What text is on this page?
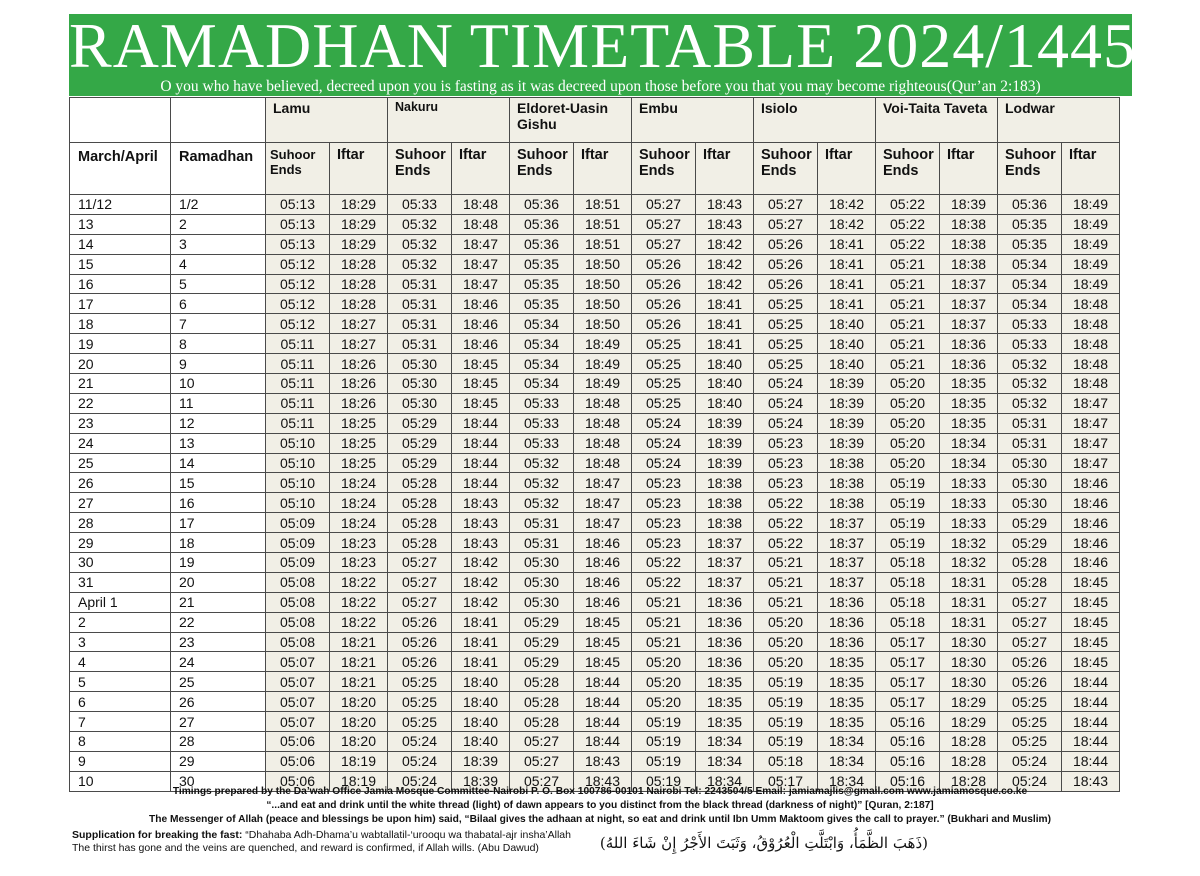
RAMADHAN TIMETABLE 2024/1445
O you who have believed, decreed upon you is fasting as it was decreed upon those before you that you may become righteous(Qur’an 2:183)
		Lamu		Nakuru		Eldoret-Uasin Gishu		Embu		Isiolo		Voi-Taita Taveta		Lodwar	
March/April	Ramadhan	Suhoor Ends	Iftar	Suhoor Ends	Iftar	Suhoor Ends	Iftar	Suhoor Ends	Iftar	Suhoor Ends	Iftar	Suhoor Ends	Iftar	Suhoor Ends	Iftar
11/12	1/2	05:13	18:29	05:33	18:48	05:36	18:51	05:27	18:43	05:27	18:42	05:22	18:39	05:36	18:49
13	2	05:13	18:29	05:32	18:48	05:36	18:51	05:27	18:43	05:27	18:42	05:22	18:38	05:35	18:49
14	3	05:13	18:29	05:32	18:47	05:36	18:51	05:27	18:42	05:26	18:41	05:22	18:38	05:35	18:49
15	4	05:12	18:28	05:32	18:47	05:35	18:50	05:26	18:42	05:26	18:41	05:21	18:38	05:34	18:49
16	5	05:12	18:28	05:31	18:47	05:35	18:50	05:26	18:42	05:26	18:41	05:21	18:37	05:34	18:49
17	6	05:12	18:28	05:31	18:46	05:35	18:50	05:26	18:41	05:25	18:41	05:21	18:37	05:34	18:48
18	7	05:12	18:27	05:31	18:46	05:34	18:50	05:26	18:41	05:25	18:40	05:21	18:37	05:33	18:48
19	8	05:11	18:27	05:31	18:46	05:34	18:49	05:25	18:41	05:25	18:40	05:21	18:36	05:33	18:48
20	9	05:11	18:26	05:30	18:45	05:34	18:49	05:25	18:40	05:25	18:40	05:21	18:36	05:32	18:48
21	10	05:11	18:26	05:30	18:45	05:34	18:49	05:25	18:40	05:24	18:39	05:20	18:35	05:32	18:48
22	11	05:11	18:26	05:30	18:45	05:33	18:48	05:25	18:40	05:24	18:39	05:20	18:35	05:32	18:47
23	12	05:11	18:25	05:29	18:44	05:33	18:48	05:24	18:39	05:24	18:39	05:20	18:35	05:31	18:47
24	13	05:10	18:25	05:29	18:44	05:33	18:48	05:24	18:39	05:23	18:39	05:20	18:34	05:31	18:47
25	14	05:10	18:25	05:29	18:44	05:32	18:48	05:24	18:39	05:23	18:38	05:20	18:34	05:30	18:47
26	15	05:10	18:24	05:28	18:44	05:32	18:47	05:23	18:38	05:23	18:38	05:19	18:33	05:30	18:46
27	16	05:10	18:24	05:28	18:43	05:32	18:47	05:23	18:38	05:22	18:38	05:19	18:33	05:30	18:46
28	17	05:09	18:24	05:28	18:43	05:31	18:47	05:23	18:38	05:22	18:37	05:19	18:33	05:29	18:46
29	18	05:09	18:23	05:28	18:43	05:31	18:46	05:23	18:37	05:22	18:37	05:19	18:32	05:29	18:46
30	19	05:09	18:23	05:27	18:42	05:30	18:46	05:22	18:37	05:21	18:37	05:18	18:32	05:28	18:46
31	20	05:08	18:22	05:27	18:42	05:30	18:46	05:22	18:37	05:21	18:37	05:18	18:31	05:28	18:45
April 1	21	05:08	18:22	05:27	18:42	05:30	18:46	05:21	18:36	05:21	18:36	05:18	18:31	05:27	18:45
2	22	05:08	18:22	05:26	18:41	05:29	18:45	05:21	18:36	05:20	18:36	05:18	18:31	05:27	18:45
3	23	05:08	18:21	05:26	18:41	05:29	18:45	05:21	18:36	05:20	18:36	05:17	18:30	05:27	18:45
4	24	05:07	18:21	05:26	18:41	05:29	18:45	05:20	18:36	05:20	18:35	05:17	18:30	05:26	18:45
5	25	05:07	18:21	05:25	18:40	05:28	18:44	05:20	18:35	05:19	18:35	05:17	18:30	05:26	18:44
6	26	05:07	18:20	05:25	18:40	05:28	18:44	05:20	18:35	05:19	18:35	05:17	18:29	05:25	18:44
7	27	05:07	18:20	05:25	18:40	05:28	18:44	05:19	18:35	05:19	18:35	05:16	18:29	05:25	18:44
8	28	05:06	18:20	05:24	18:40	05:27	18:44	05:19	18:34	05:19	18:34	05:16	18:28	05:25	18:44
9	29	05:06	18:19	05:24	18:39	05:27	18:43	05:19	18:34	05:18	18:34	05:16	18:28	05:24	18:44
10	30	05:06	18:19	05:24	18:39	05:27	18:43	05:19	18:34	05:17	18:34	05:16	18:28	05:24	18:43
Timings prepared by the Da’wah Office Jamia Mosque Committee-Nairobi P. O. Box 100786-00101 Nairobi Tel: 2243504/5 Email: jamiamajlis@gmail.com www.jamiamosque.co.ke
“...and eat and drink until the white thread (light) of dawn appears to you distinct from the black thread (darkness of night)” [Quran, 2:187]
The Messenger of Allah (peace and blessings be upon him) said, “Bilaal gives the adhaan at night, so eat and drink until Ibn Umm Maktoom gives the call to prayer.” (Bukhari and Muslim)
Supplication for breaking the fast: “Dhahaba Adh-Dhama’u wabtallatil-‘urooqu wa thabatal-ajr insha’Allah
The thirst has gone and the veins are quenched, and reward is confirmed, if Allah wills. (Abu Dawud)	(ذَهَبَ الظَّمَأُ، وَابْتَلَّتِ الْعُرُوْقُ، وَثَبَتَ الأَجْرُ إِنْ شَاءَ اللهُ)
